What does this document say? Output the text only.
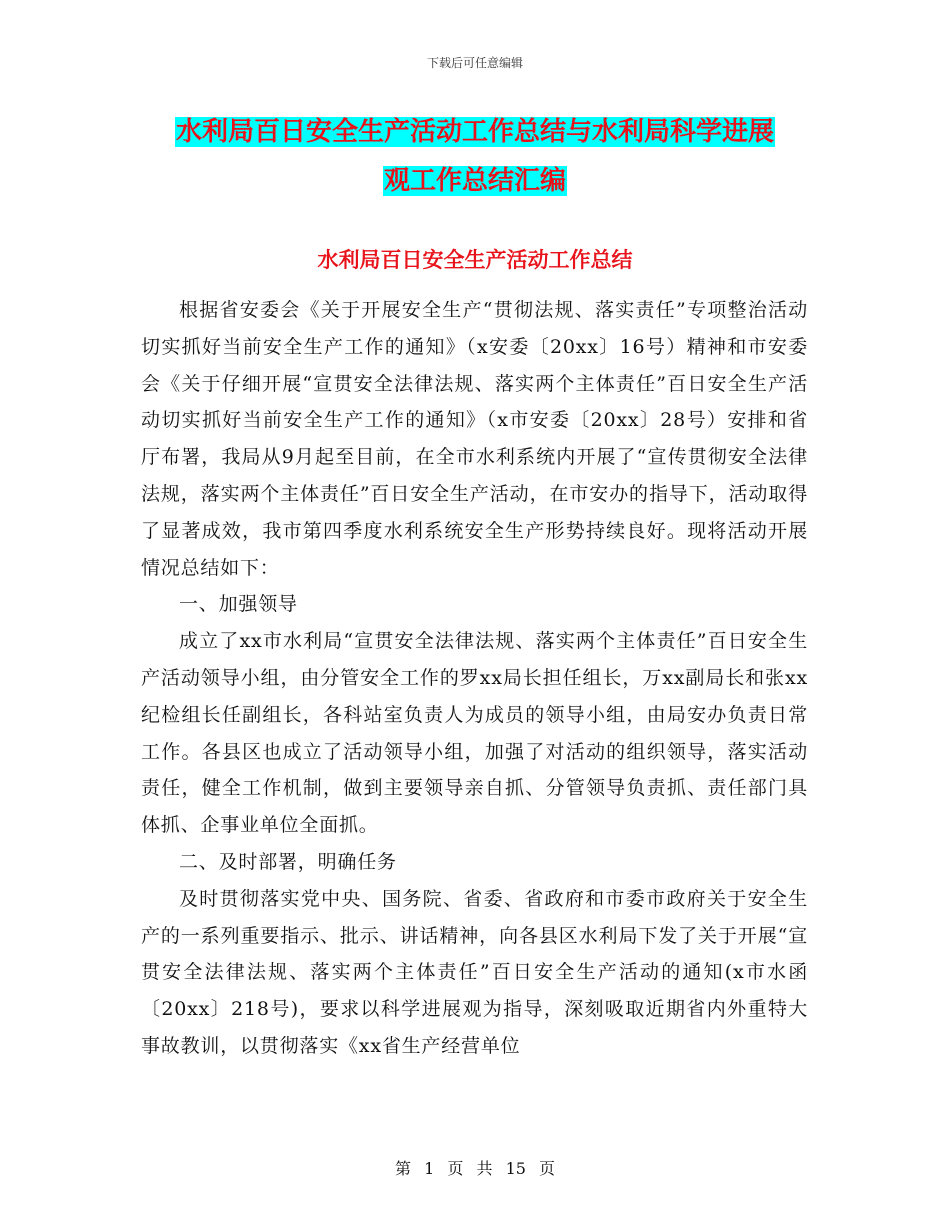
下载后可任意编辑
水利局百日安全生产活动工作总结与水利局科学进展
观工作总结汇编
水利局百日安全生产活动工作总结

根据省安委会《关于开展安全生产“贯彻法规、落实责任”专项整治活动切实抓好当前安全生产工作的通知》（x安委〔20xx〕16号）精神和市安委会《关于仔细开展“宣贯安全法律法规、落实两个主体责任”百日安全生产活动切实抓好当前安全生产工作的通知》（x市安委〔20xx〕28号）安排和省厅布署，我局从9月起至目前，在全市水利系统内开展了“宣传贯彻安全法律法规，落实两个主体责任”百日安全生产活动，在市安办的指导下，活动取得了显著成效，我市第四季度水利系统安全生产形势持续良好。现将活动开展情况总结如下：

一、加强领导

成立了xx市水利局“宣贯安全法律法规、落实两个主体责任”百日安全生产活动领导小组，由分管安全工作的罗xx局长担任组长，万xx副局长和张xx纪检组长任副组长，各科站室负责人为成员的领导小组，由局安办负责日常工作。各县区也成立了活动领导小组，加强了对活动的组织领导，落实活动责任，健全工作机制，做到主要领导亲自抓、分管领导负责抓、责任部门具体抓、企事业单位全面抓。

二、及时部署，明确任务

及时贯彻落实党中央、国务院、省委、省政府和市委市政府关于安全生产的一系列重要指示、批示、讲话精神，向各县区水利局下发了关于开展“宣贯安全法律法规、落实两个主体责任”百日安全生产活动的通知(x市水函〔20xx〕218号)，要求以科学进展观为指导，深刻吸取近期省内外重特大事故教训，以贯彻落实《xx省生产经营单位

第 1 页 共 15 页
